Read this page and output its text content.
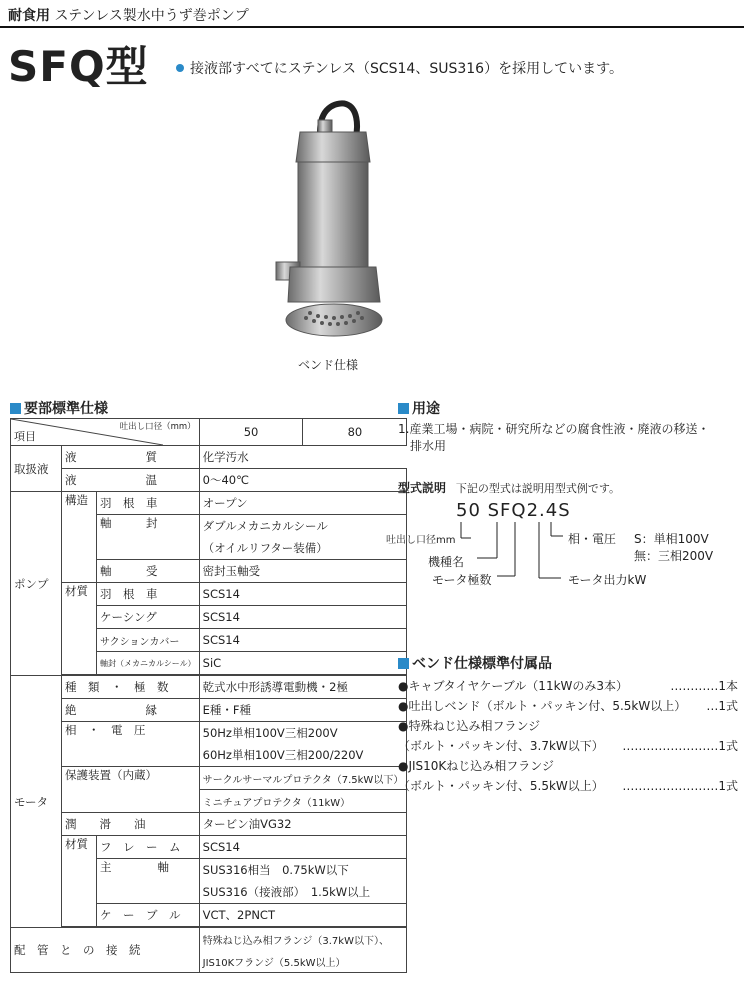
耐食用 ステンレス製水中うず巻ポンプ
SFQ型	接液部すべてにステンレス（SCS14、SUS316）を採用しています。
ベンド仕様
要部標準仕様
吐出し口径（mm）
項目			50	80
取扱液	液　　　　　　質		化学汚水	
	液　　　　　　温		0～40℃	
ポンプ	構造	羽　根　車	オープン	
		軸　　　封	ダブルメカニカルシール	
			（オイルリフター装備）	
		軸　　　受	密封玉軸受	
	材質	羽　根　車	SCS14	
		ケーシング	SCS14	
		サクションカバー	SCS14	
		軸封（メカニカルシール）	SiC	

モータ	種　類　・　極　数		乾式水中形誘導電動機・2極	
	絶　　　　　　縁		E種・F種	
	相　・　電　圧		50Hz単相100V三相200V	
			60Hz単相100V三相200/220V	
	保護装置（内蔵）		サークルサーマルプロテクタ（7.5kW以下）	
			ミニチュアプロテクタ（11kW）	
	潤　　滑　　油		タービン油VG32	
	材質	フ　レ　ー　ム	SCS14	
		主　　　　軸	SUS316相当　0.75kW以下	
			SUS316（接液部）　1.5kW以上	
		ケ　ー　ブ　ル	VCT、2PNCT	

配　管　と　の　接　続			特殊ねじ込み相フランジ（3.7kW以下）、	
			JIS10Kフランジ（5.5kW以上）	
用途
1.産業工場・病院・研究所などの腐食性液・廃液の移送・
排水用
型式説明 下記の型式は説明用型式例です。
50 SFQ2.4S
吐出し口径mm
機種名
モータ極数	モータ出力kW
相・電圧 S：単相100V
無：三相200V
ベンド仕様標準付属品
●キャブタイヤケーブル（11kWのみ3本）	…………1本
●吐出しベンド（ボルト・パッキン付、5.5kW以上） …1式
●特殊ねじ込み相フランジ
（ボルト・パッキン付、3.7kW以下） ……………………1式
●JIS10Kねじ込み相フランジ
（ボルト・パッキン付、5.5kW以上） ……………………1式
